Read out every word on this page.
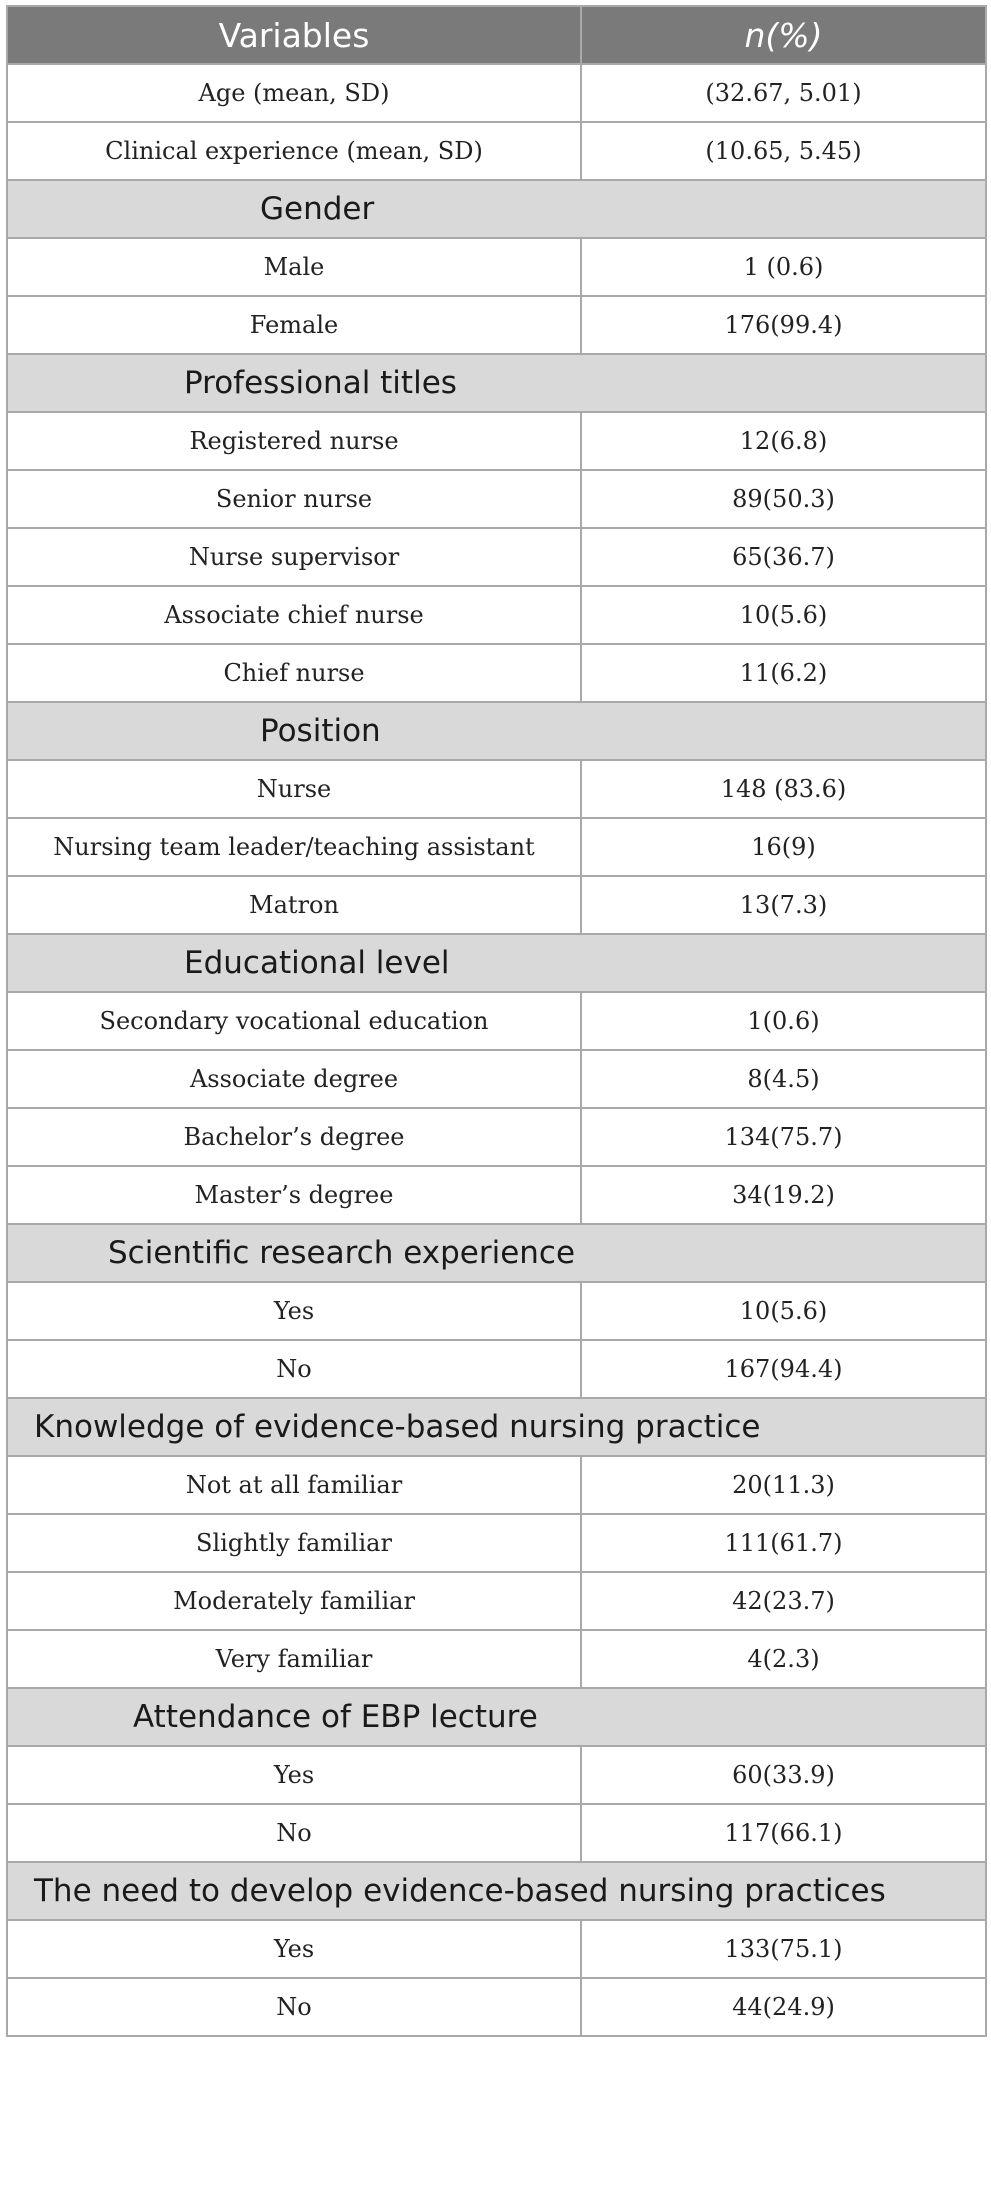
Variables	n(%)
Age (mean, SD)	(32.67, 5.01)
Clinical experience (mean, SD)	(10.65, 5.45)
Gender	
Male	1 (0.6)
Female	176(99.4)
Professional titles	
Registered nurse	12(6.8)
Senior nurse	89(50.3)
Nurse supervisor	65(36.7)
Associate chief nurse	10(5.6)
Chief nurse	11(6.2)
Position	
Nurse	148 (83.6)
Nursing team leader/teaching assistant	16(9)
Matron	13(7.3)
Educational level	
Secondary vocational education	1(0.6)
Associate degree	8(4.5)
Bachelor’s degree	134(75.7)
Master’s degree	34(19.2)
Scientific research experience	
Yes	10(5.6)
No	167(94.4)
Knowledge of evidence-based nursing practice	
Not at all familiar	20(11.3)
Slightly familiar	111(61.7)
Moderately familiar	42(23.7)
Very familiar	4(2.3)
Attendance of EBP lecture	
Yes	60(33.9)
No	117(66.1)
The need to develop evidence-based nursing practices	
Yes	133(75.1)
No	44(24.9)
